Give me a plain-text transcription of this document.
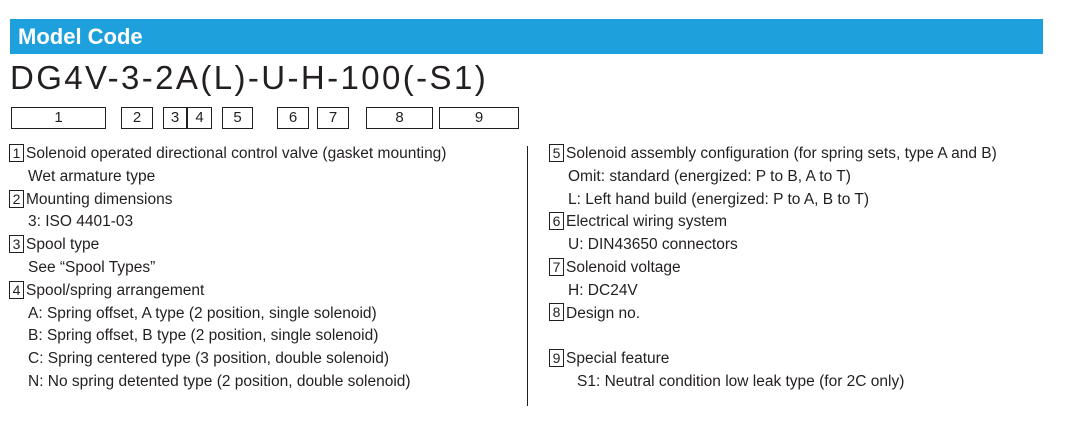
Model Code
DG4V-3-2A(L)-U-H-100(-S1)
1	2	3	4	5	6	7	8	9
1 Solenoid operated directional control valve (gasket mounting)
Wet armature type
2 Mounting dimensions
3: ISO 4401-03
3 Spool type
See “Spool Types”
4 Spool/spring arrangement
A: Spring offset, A type (2 position, single solenoid)
B: Spring offset, B type (2 position, single solenoid)
C: Spring centered type (3 position, double solenoid)
N: No spring detented type (2 position, double solenoid)
5 Solenoid assembly configuration (for spring sets, type A and B)
Omit: standard (energized: P to B, A to T)
L: Left hand build (energized: P to A, B to T)
6 Electrical wiring system
U: DIN43650 connectors
7 Solenoid voltage
H: DC24V
8 Design no.
9 Special feature
S1: Neutral condition low leak type (for 2C only)
